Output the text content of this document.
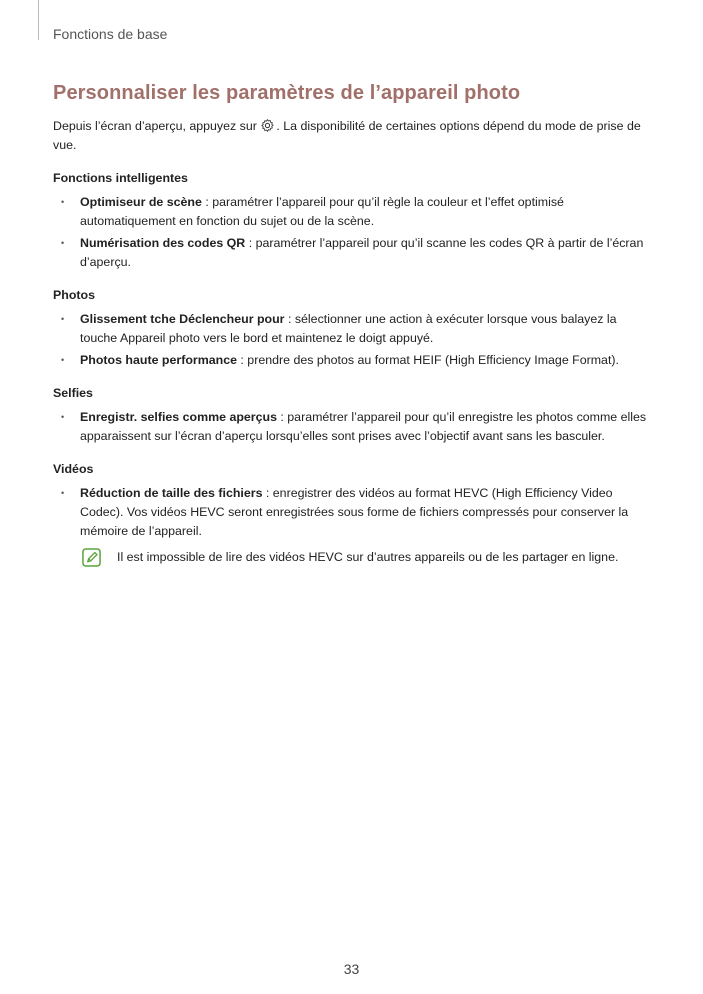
Fonctions de base
Personnaliser les paramètres de l’appareil photo

Depuis l’écran d’aperçu, appuyez sur . La disponibilité de certaines options dépend du mode de prise de vue.

Fonctions intelligentes
• Optimiseur de scène : paramétrer l’appareil pour qu’il règle la couleur et l’effet optimisé automatiquement en fonction du sujet ou de la scène.
• Numérisation des codes QR : paramétrer l’appareil pour qu’il scanne les codes QR à partir de l’écran d’aperçu.
Photos
• Glissement tche Déclencheur pour : sélectionner une action à exécuter lorsque vous balayez la touche Appareil photo vers le bord et maintenez le doigt appuyé.
• Photos haute performance : prendre des photos au format HEIF (High Efficiency Image Format).
Selfies
• Enregistr. selfies comme aperçus : paramétrer l’appareil pour qu’il enregistre les photos comme elles apparaissent sur l’écran d’aperçu lorsqu’elles sont prises avec l’objectif avant sans les basculer.
Vidéos
• Réduction de taille des fichiers : enregistrer des vidéos au format HEVC (High Efficiency Video Codec). Vos vidéos HEVC seront enregistrées sous forme de fichiers compressés pour conserver la mémoire de l’appareil.
Il est impossible de lire des vidéos HEVC sur d’autres appareils ou de les partager en ligne.
33
